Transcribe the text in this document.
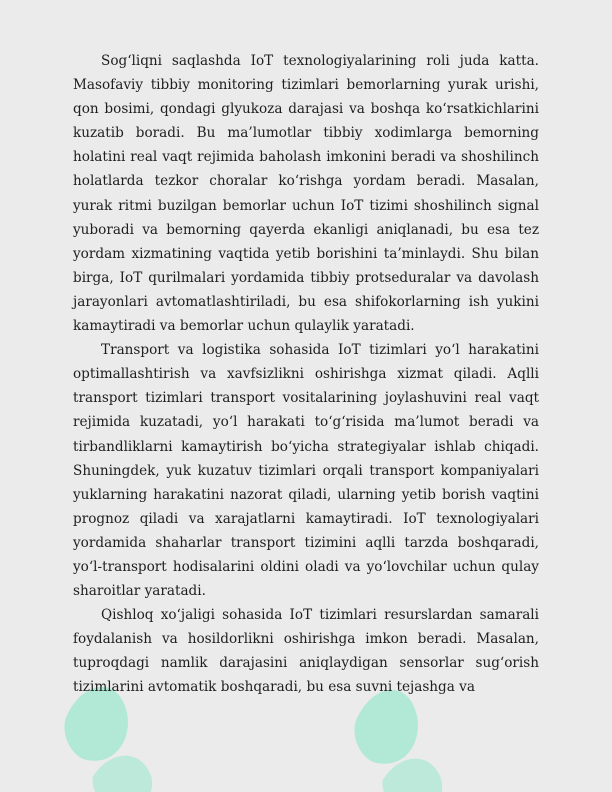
Sog‘liqni saqlashda IoT texnologiyalarining roli juda katta. Masofaviy tibbiy monitoring tizimlari bemorlarning yurak urishi, qon bosimi, qondagi glyukoza darajasi va boshqa ko‘rsatkichlarini kuzatib boradi. Bu ma’lumotlar tibbiy xodimlarga bemorning holatini real vaqt rejimida baholash imkonini beradi va shoshilinch holatlarda tezkor choralar ko‘rishga yordam beradi. Masalan, yurak ritmi buzilgan bemorlar uchun IoT tizimi shoshilinch signal yuboradi va bemorning qayerda ekanligi aniqlanadi, bu esa tez yordam xizmatining vaqtida yetib borishini ta’minlaydi. Shu bilan birga, IoT qurilmalari yordamida tibbiy protseduralar va davolash jarayonlari avtomatlashtiriladi, bu esa shifokorlarning ish yukini kamaytiradi va bemorlar uchun qulaylik yaratadi.

Transport va logistika sohasida IoT tizimlari yo‘l harakatini optimallashtirish va xavfsizlikni oshirishga xizmat qiladi. Aqlli transport tizimlari transport vositalarining joylashuvini real vaqt rejimida kuzatadi, yo‘l harakati to‘g‘risida ma’lumot beradi va tirbandliklarni kamaytirish bo‘yicha strategiyalar ishlab chiqadi. Shuningdek, yuk kuzatuv tizimlari orqali transport kompaniyalari yuklarning harakatini nazorat qiladi, ularning yetib borish vaqtini prognoz qiladi va xarajatlarni kamaytiradi. IoT texnologiyalari yordamida shaharlar transport tizimini aqlli tarzda boshqaradi, yo‘l-transport hodisalarini oldini oladi va yo‘lovchilar uchun qulay sharoitlar yaratadi.

Qishloq xo‘jaligi sohasida IoT tizimlari resurslardan samarali foydalanish va hosildorlikni oshirishga imkon beradi. Masalan, tuproqdagi namlik darajasini aniqlaydigan sensorlar sug‘orish tizimlarini avtomatik boshqaradi, bu esa suvni tejashga va
